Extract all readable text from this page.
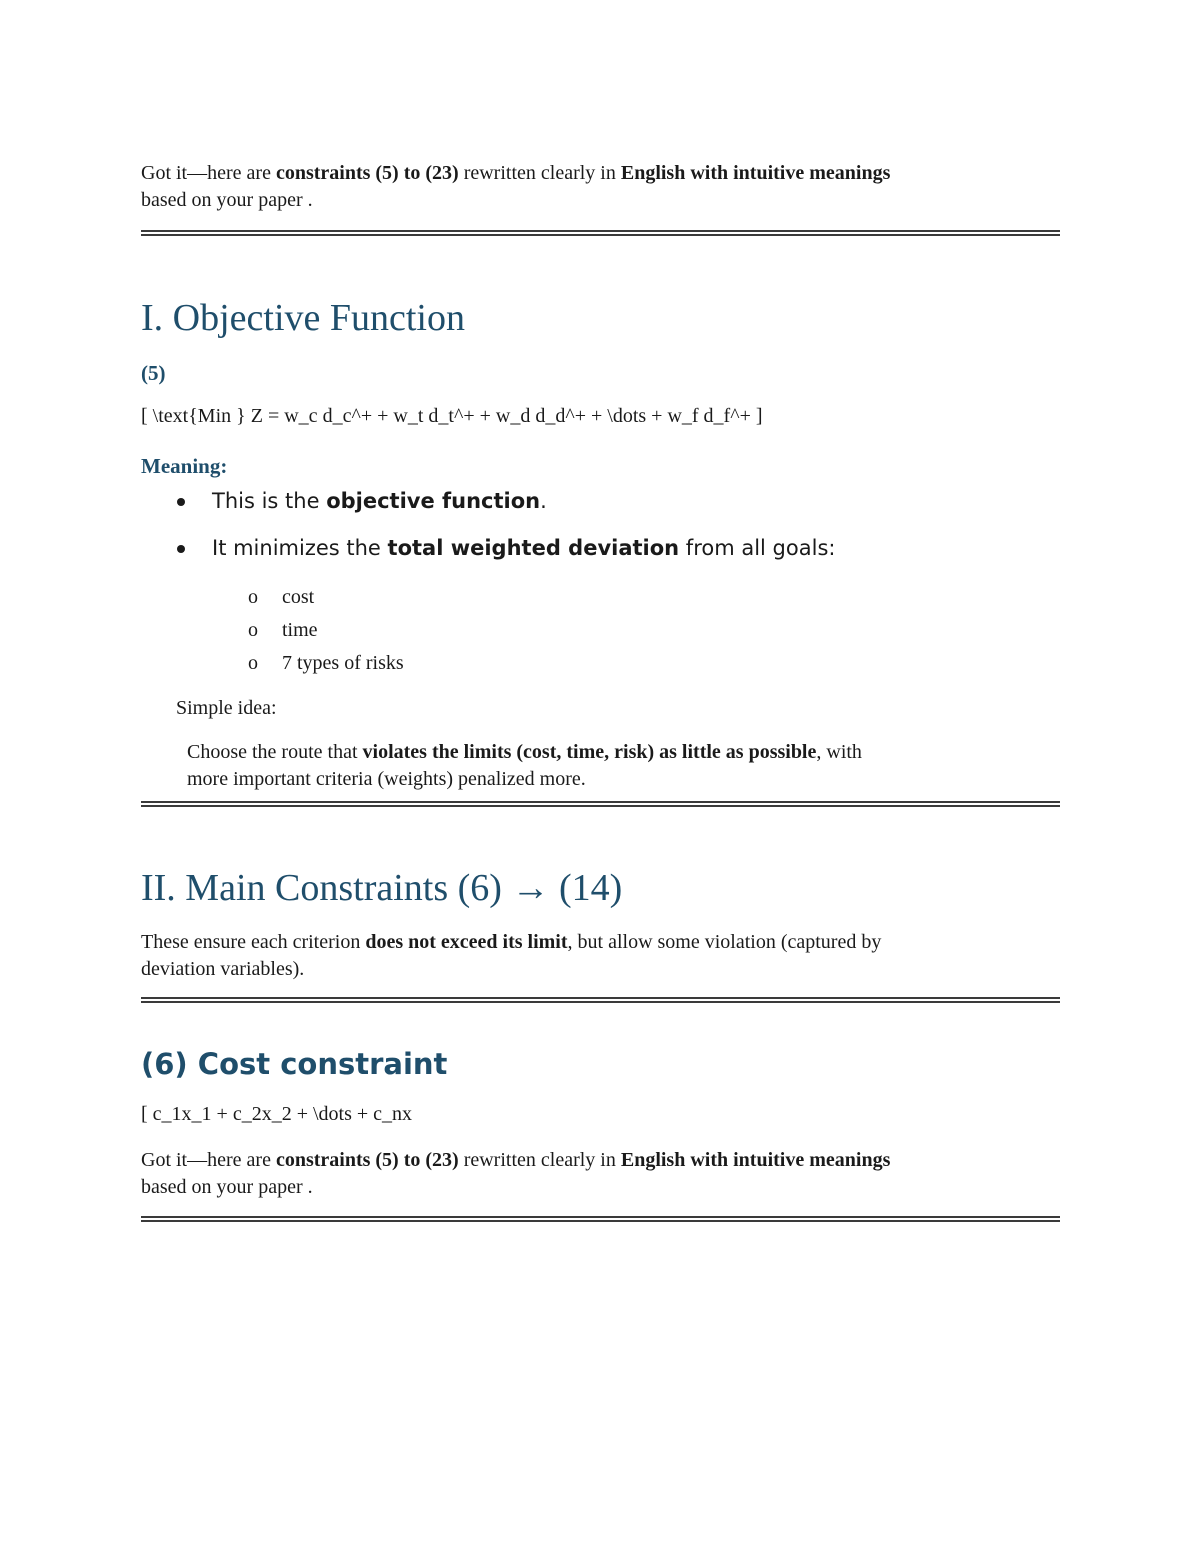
Got it—here are constraints (5) to (23) rewritten clearly in English with intuitive meanings

based on your paper .

I. Objective Function

(5)

[ \text{Min } Z = w_c d_c^+ + w_t d_t^+ + w_d d_d^+ + \dots + w_f d_f^+ ]

Meaning:

This is the objective function.
It minimizes the total weighted deviation from all goals:
o cost
o time
o 7 types of risks

Simple idea:

Choose the route that violates the limits (cost, time, risk) as little as possible, with

more important criteria (weights) penalized more.

II. Main Constraints (6) → (14)

These ensure each criterion does not exceed its limit, but allow some violation (captured by

deviation variables).

(6) Cost constraint

[ c_1x_1 + c_2x_2 + \dots + c_nx

Got it—here are constraints (5) to (23) rewritten clearly in English with intuitive meanings

based on your paper .
